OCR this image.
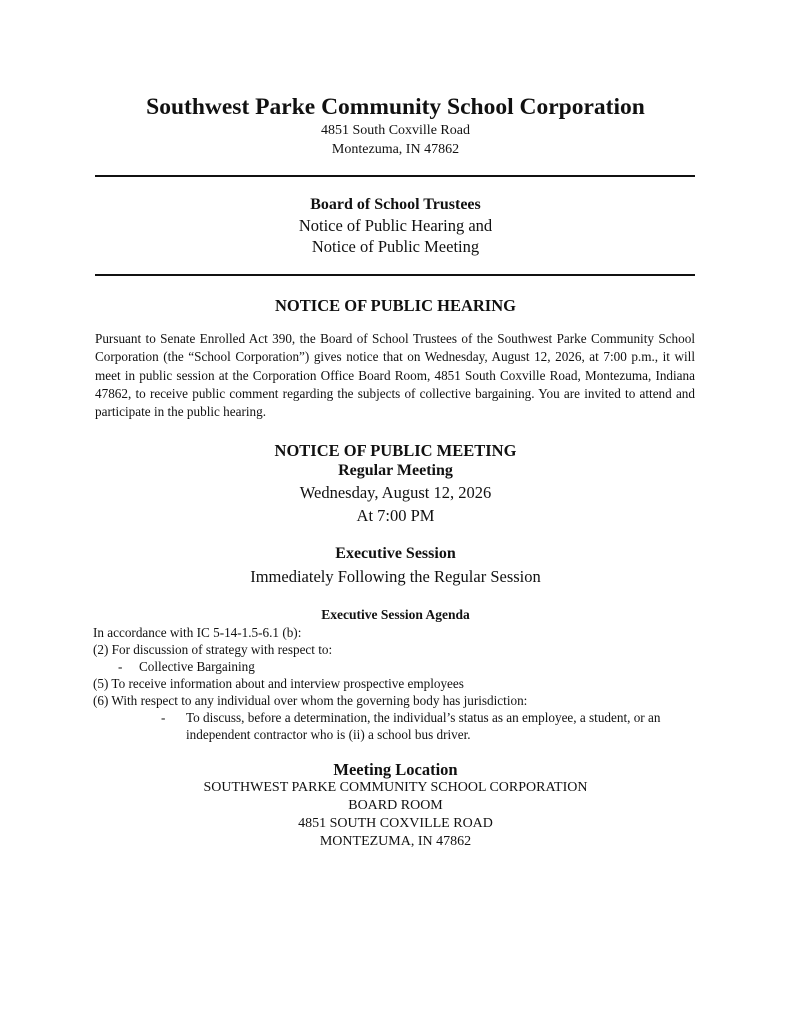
Southwest Parke Community School Corporation
4851 South Coxville Road
Montezuma, IN 47862
Board of School Trustees
Notice of Public Hearing and
Notice of Public Meeting
NOTICE OF PUBLIC HEARING
Pursuant to Senate Enrolled Act 390, the Board of School Trustees of the Southwest Parke Community School Corporation (the “School Corporation”) gives notice that on Wednesday, August 12, 2026, at 7:00 p.m., it will meet in public session at the Corporation Office Board Room, 4851 South Coxville Road, Montezuma, Indiana 47862, to receive public comment regarding the subjects of collective bargaining. You are invited to attend and participate in the public hearing.
NOTICE OF PUBLIC MEETING
Regular Meeting
Wednesday, August 12, 2026
At 7:00 PM
Executive Session
Immediately Following the Regular Session
Executive Session Agenda
In accordance with IC 5-14-1.5-6.1 (b):
(2) For discussion of strategy with respect to:
- Collective Bargaining
(5) To receive information about and interview prospective employees
(6) With respect to any individual over whom the governing body has jurisdiction:
- To discuss, before a determination, the individual’s status as an employee, a student, or an independent contractor who is (ii) a school bus driver.
Meeting Location
SOUTHWEST PARKE COMMUNITY SCHOOL CORPORATION
BOARD ROOM
4851 SOUTH COXVILLE ROAD
MONTEZUMA, IN 47862
